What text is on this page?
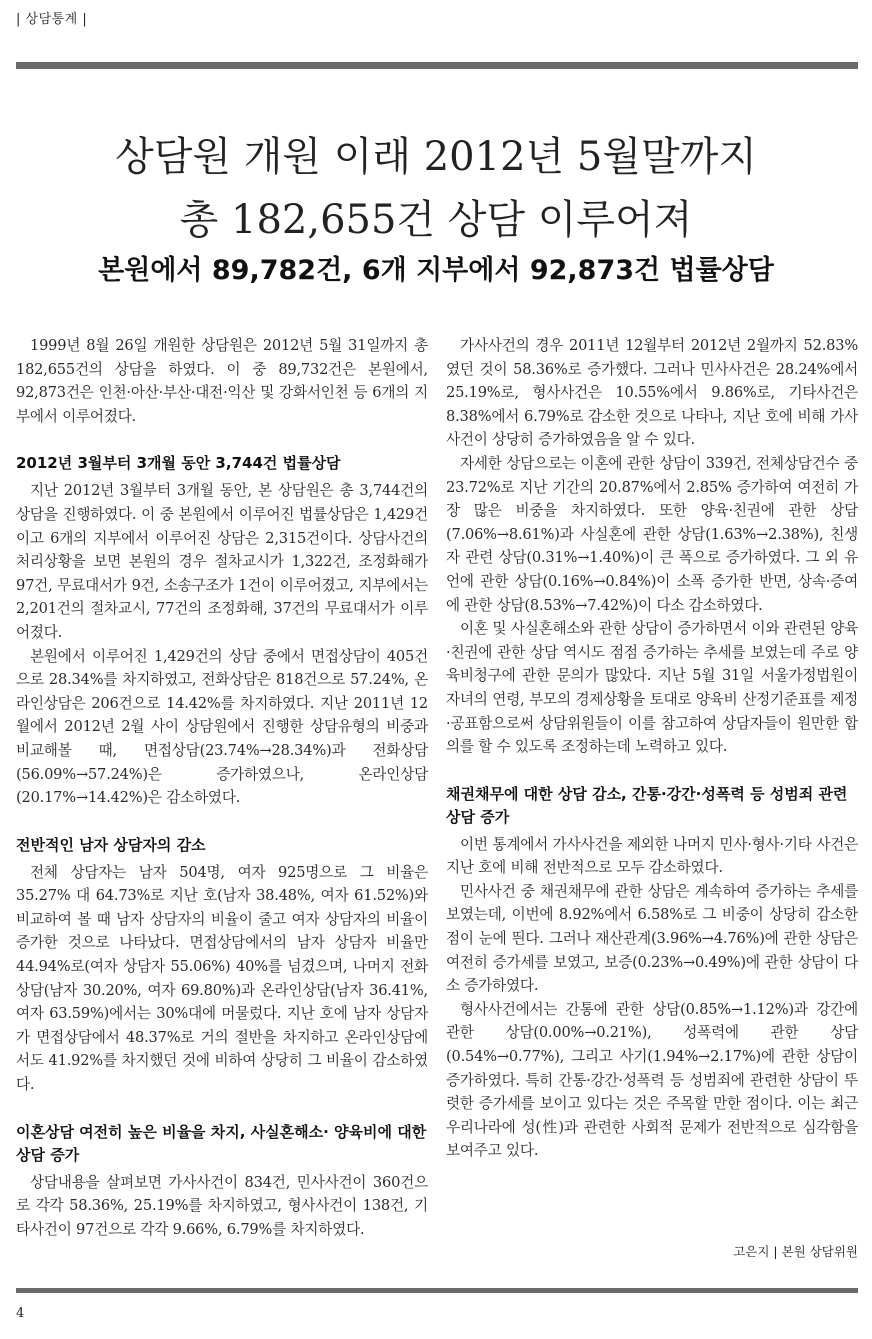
| 상담통계 |
상담원 개원 이래 2012년 5월말까지
총 182,655건 상담 이루어져
본원에서 89,782건, 6개 지부에서 92,873건 법률상담

1999년 8월 26일 개원한 상담원은 2012년 5월 31일까지 총 182,655건의 상담을 하였다. 이 중 89,732건은 본원에서, 92,873건은 인천·아산·부산·대전·익산 및 강화서인천 등 6개의 지부에서 이루어졌다.

2012년 3월부터 3개월 동안 3,744건 법률상담

지난 2012년 3월부터 3개월 동안, 본 상담원은 총 3,744건의 상담을 진행하였다. 이 중 본원에서 이루어진 법률상담은 1,429건이고 6개의 지부에서 이루어진 상담은 2,315건이다. 상담사건의 처리상황을 보면 본원의 경우 절차교시가 1,322건, 조정화해가 97건, 무료대서가 9건, 소송구조가 1건이 이루어졌고, 지부에서는 2,201건의 절차교시, 77건의 조정화해, 37건의 무료대서가 이루어졌다.

본원에서 이루어진 1,429건의 상담 중에서 면접상담이 405건으로 28.34%를 차지하였고, 전화상담은 818건으로 57.24%, 온라인상담은 206건으로 14.42%를 차지하였다. 지난 2011년 12월에서 2012년 2월 사이 상담원에서 진행한 상담유형의 비중과 비교해볼 때, 면접상담(23.74%→28.34%)과 전화상담(56.09%→57.24%)은 증가하였으나, 온라인상담(20.17%→14.42%)은 감소하였다.

전반적인 남자 상담자의 감소

전체 상담자는 남자 504명, 여자 925명으로 그 비율은 35.27% 대 64.73%로 지난 호(남자 38.48%, 여자 61.52%)와 비교하여 볼 때 남자 상담자의 비율이 줄고 여자 상담자의 비율이 증가한 것으로 나타났다. 면접상담에서의 남자 상담자 비율만 44.94%로(여자 상담자 55.06%) 40%를 넘겼으며, 나머지 전화상담(남자 30.20%, 여자 69.80%)과 온라인상담(남자 36.41%, 여자 63.59%)에서는 30%대에 머물렀다. 지난 호에 남자 상담자가 면접상담에서 48.37%로 거의 절반을 차지하고 온라인상담에서도 41.92%를 차지했던 것에 비하여 상당히 그 비율이 감소하였다.

이혼상담 여전히 높은 비율을 차지, 사실혼해소· 양육비에 대한 상담 증가

상담내용을 살펴보면 가사사건이 834건, 민사사건이 360건으로 각각 58.36%, 25.19%를 차지하였고, 형사사건이 138건, 기타사건이 97건으로 각각 9.66%, 6.79%를 차지하였다.

가사사건의 경우 2011년 12월부터 2012년 2월까지 52.83%였던 것이 58.36%로 증가했다. 그러나 민사사건은 28.24%에서 25.19%로, 형사사건은 10.55%에서 9.86%로, 기타사건은 8.38%에서 6.79%로 감소한 것으로 나타나, 지난 호에 비해 가사사건이 상당히 증가하였음을 알 수 있다.

자세한 상담으로는 이혼에 관한 상담이 339건, 전체상담건수 중 23.72%로 지난 기간의 20.87%에서 2.85% 증가하여 여전히 가장 많은 비중을 차지하였다. 또한 양육·친권에 관한 상담(7.06%→8.61%)과 사실혼에 관한 상담(1.63%→2.38%), 친생자 관련 상담(0.31%→1.40%)이 큰 폭으로 증가하였다. 그 외 유언에 관한 상담(0.16%→0.84%)이 소폭 증가한 반면, 상속·증여에 관한 상담(8.53%→7.42%)이 다소 감소하였다.

이혼 및 사실혼해소와 관한 상담이 증가하면서 이와 관련된 양육·친권에 관한 상담 역시도 점점 증가하는 추세를 보였는데 주로 양육비청구에 관한 문의가 많았다. 지난 5월 31일 서울가정법원이 자녀의 연령, 부모의 경제상황을 토대로 양육비 산정기준표를 제정·공표함으로써 상담위원들이 이를 참고하여 상담자들이 원만한 합의를 할 수 있도록 조정하는데 노력하고 있다.

채권채무에 대한 상담 감소, 간통·강간·성폭력 등 성범죄 관련 상담 증가

이번 통계에서 가사사건을 제외한 나머지 민사·형사·기타 사건은 지난 호에 비해 전반적으로 모두 감소하였다.

민사사건 중 채권채무에 관한 상담은 계속하여 증가하는 추세를 보였는데, 이번에 8.92%에서 6.58%로 그 비중이 상당히 감소한 점이 눈에 띈다. 그러나 재산관계(3.96%→4.76%)에 관한 상담은 여전히 증가세를 보였고, 보증(0.23%→0.49%)에 관한 상담이 다소 증가하였다.

형사사건에서는 간통에 관한 상담(0.85%→1.12%)과 강간에 관한 상담(0.00%→0.21%), 성폭력에 관한 상담(0.54%→0.77%), 그리고 사기(1.94%→2.17%)에 관한 상담이 증가하였다. 특히 간통·강간·성폭력 등 성범죄에 관련한 상담이 뚜렷한 증가세를 보이고 있다는 것은 주목할 만한 점이다. 이는 최근 우리나라에 성(性)과 관련한 사회적 문제가 전반적으로 심각함을 보여주고 있다.

고은지 | 본원 상담위원
4
